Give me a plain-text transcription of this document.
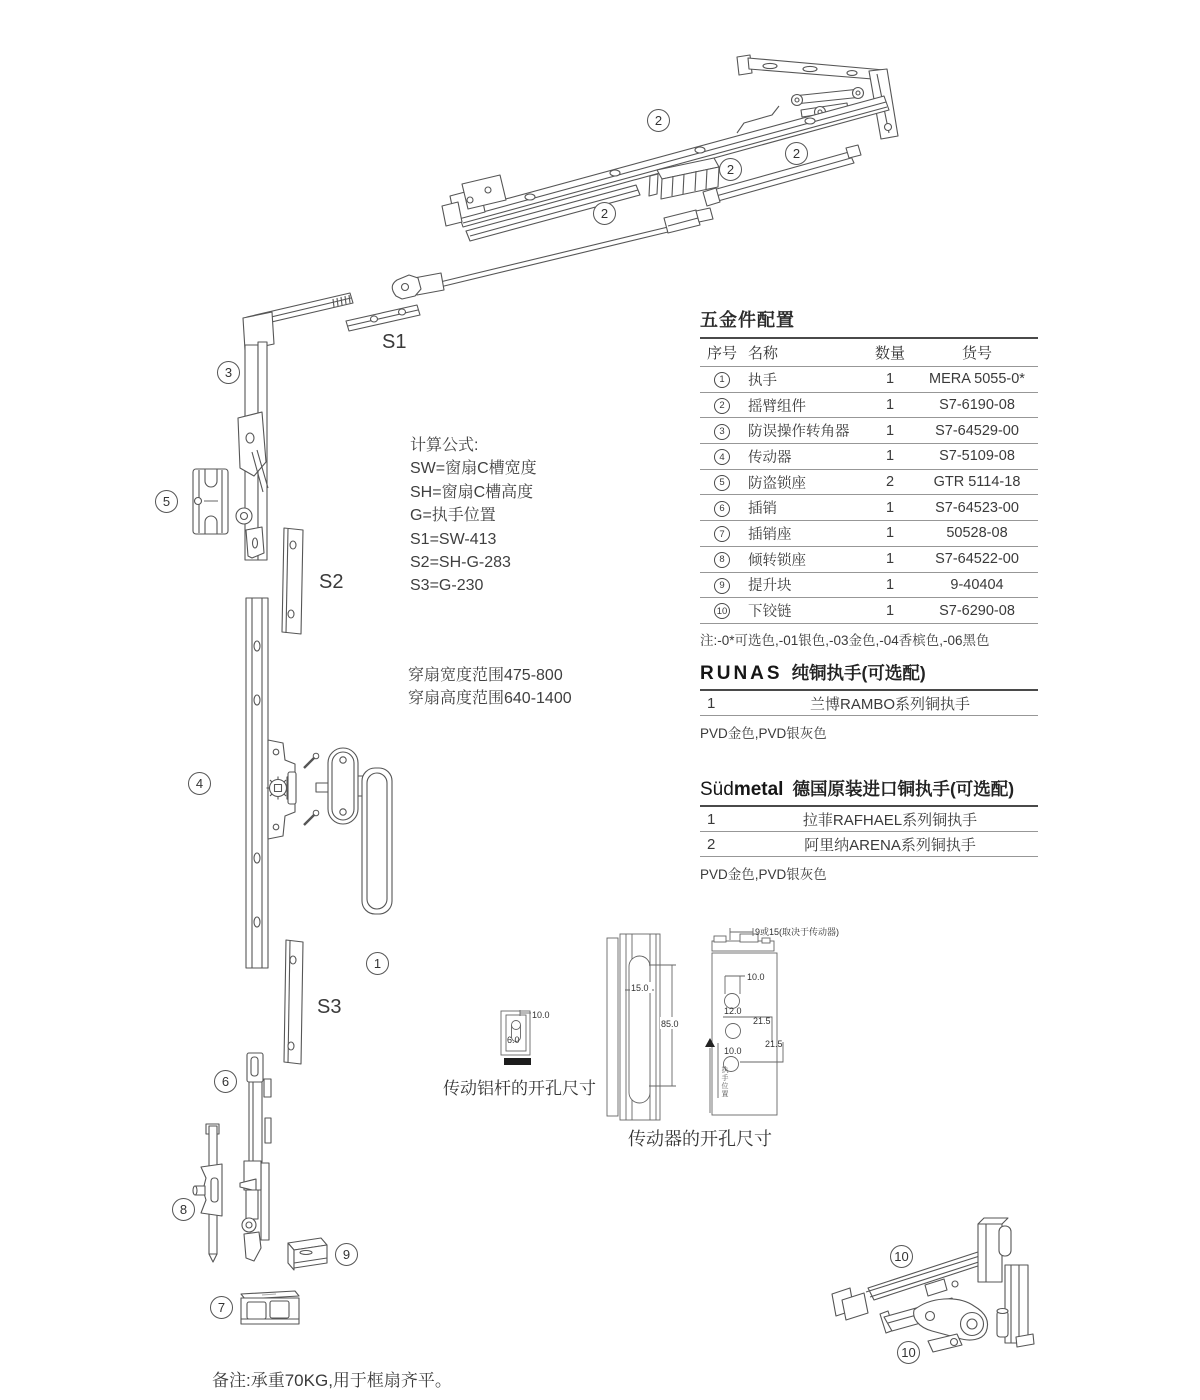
10.0
6.0
15.0
85.0
9或15(取决于传动器)
10.0
12.0
21.5
10.0
21.5
2
2
2
2
3
5
4
1
6
8
9
7
10
10
S1
S2
S3
五金件配置
序号 名称	数量	货号
1	执手	1	MERA 5055-0*
2	摇臂组件	1	S7-6190-08
3	防误操作转角器	1	S7-64529-00
4	传动器	1	S7-5109-08
5	防盗锁座	2	GTR 5114-18
6	插销	1	S7-64523-00
7	插销座	1	50528-08
8	倾转锁座	1	S7-64522-00
9	提升块	1	9-40404
10	下铰链	1	S7-6290-08
注:-0*可选色,-01银色,-03金色,-04香槟色,-06黑色
计算公式:
SW=窗扇C槽宽度
SH=窗扇C槽高度
G=执手位置
S1=SW-413
S2=SH-G-283
S3=G-230
穿扇宽度范围475-800
穿扇高度范围640-1400
RUNAS 纯铜执手(可选配)
1	兰博RAMBO系列铜执手
PVD金色,PVD银灰色
Südmetal 德国原装进口铜执手(可选配)
1	拉菲RAFHAEL系列铜执手
2	阿里纳ARENA系列铜执手
PVD金色,PVD银灰色
传动铝杆的开孔尺寸
传动器的开孔尺寸
执手位置
备注:承重70KG,用于框扇齐平。
